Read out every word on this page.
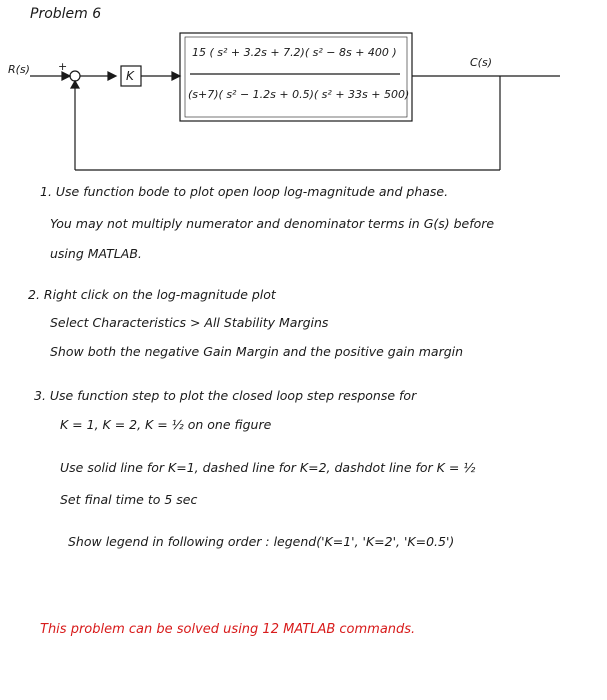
Problem 6
R(s)	+
K
15 ( s² + 3.2s + 7.2)( s² − 8s + 400 )
(s+7)( s² − 1.2s + 0.5)( s² + 33s + 500)
C(s)
1. Use function bode to plot open loop log-magnitude and phase.
You may not multiply numerator and denominator terms in G(s) before
using MATLAB.
2. Right click on the log-magnitude plot
Select Characteristics > All Stability Margins
Show both the negative Gain Margin and the positive gain margin
3. Use function step to plot the closed loop step response for
K = 1, K = 2, K = ½ on one figure
Use solid line for K=1, dashed line for K=2, dashdot line for K = ½
Set final time to 5 sec
Show legend in following order : legend('K=1', 'K=2', 'K=0.5')
This problem can be solved using 12 MATLAB commands.
